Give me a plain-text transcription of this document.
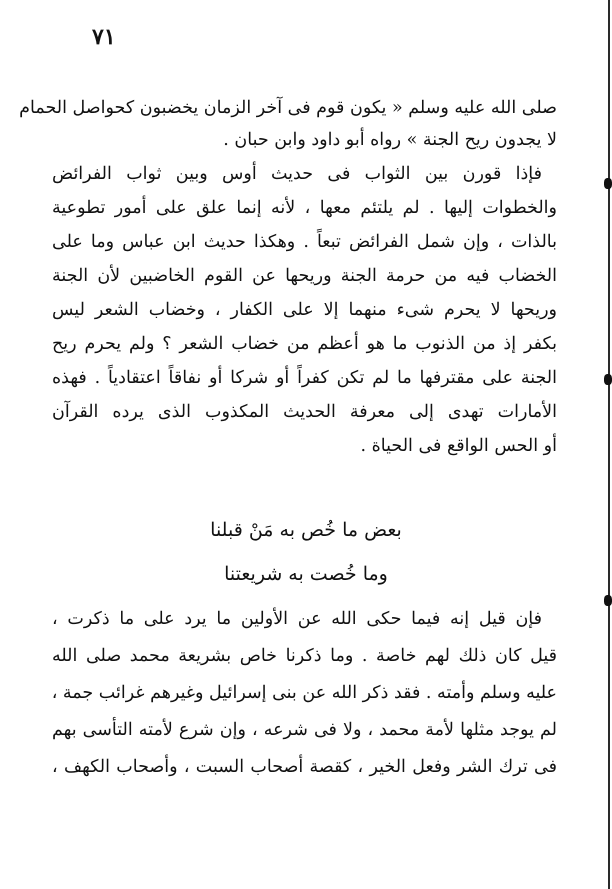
٧١
صلى الله عليه وسلم « يكون قوم فى آخر الزمان يخضبون كحواصل الحمام
لا يجدون ريح الجنة » رواه أبو داود وابن حبان .
فإذا قورن بين الثواب فى حديث أوس وبين ثواب الفرائض
والخطوات إليها . لم يلتئم معها ، لأنه إنما علق على أمور تطوعية
بالذات ، وإن شمل الفرائض تبعاً . وهكذا حديث ابن عباس وما على
الخضاب فيه من حرمة الجنة وريحها عن القوم الخاضبين لأن الجنة
وريحها لا يحرم شىء منهما إلا على الكفار ، وخضاب الشعر ليس
بكفر إذ من الذنوب ما هو أعظم من خضاب الشعر ؟ ولم يحرم ريح
الجنة على مقترفها ما لم تكن كفراً أو شركا أو نفاقاً اعتقادياً . فهذه
الأمارات تهدى إلى معرفة الحديث المكذوب الذى يرده القرآن
أو الحس الواقع فى الحياة .
بعض ما خُص به مَنْ قبلنا
وما خُصت به شريعتنا
فإن قيل إنه فيما حكى الله عن الأولين ما يرد على ما ذكرت ،
قيل كان ذلك لهم خاصة . وما ذكرنا خاص بشريعة محمد صلى الله
عليه وسلم وأمته . فقد ذكر الله عن بنى إسرائيل وغيرهم غرائب جمة ،
لم يوجد مثلها لأمة محمد ، ولا فى شرعه ، وإن شرع لأمته التأسى بهم
فى ترك الشر وفعل الخير ، كقصة أصحاب السبت ، وأصحاب الكهف ،
